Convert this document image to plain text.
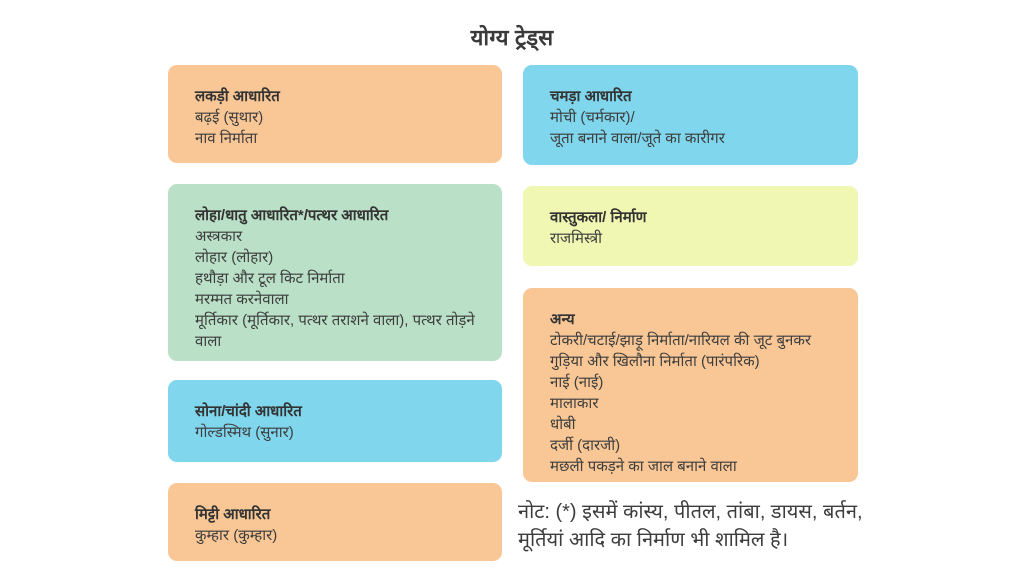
योग्य ट्रेड्स
लकड़ी आधारित
बढ़ई (सुथार)
नाव निर्माता
लोहा/धातु आधारित*/पत्थर आधारित
अस्त्रकार
लोहार (लोहार)
हथौड़ा और टूल किट निर्माता
मरम्मत करनेवाला
मूर्तिकार (मूर्तिकार, पत्थर तराशने वाला), पत्थर तोड़ने वाला
सोना/चांदी आधारित
गोल्डस्मिथ (सुनार)
मिट्टी आधारित
कुम्हार (कुम्हार)
चमड़ा आधारित
मोची (चर्मकार)/
जूता बनाने वाला/जूते का कारीगर
वास्तुकला/ निर्माण
राजमिस्त्री
अन्य
टोकरी/चटाई/झाड़ू निर्माता/नारियल की जूट बुनकर
गुड़िया और खिलौना निर्माता (पारंपरिक)
नाई (नाई)
मालाकार
धोबी
दर्जी (दारजी)
मछली पकड़ने का जाल बनाने वाला

नोट: (*) इसमें कांस्य, पीतल, तांबा, डायस, बर्तन, मूर्तियां आदि का निर्माण भी शामिल है।
